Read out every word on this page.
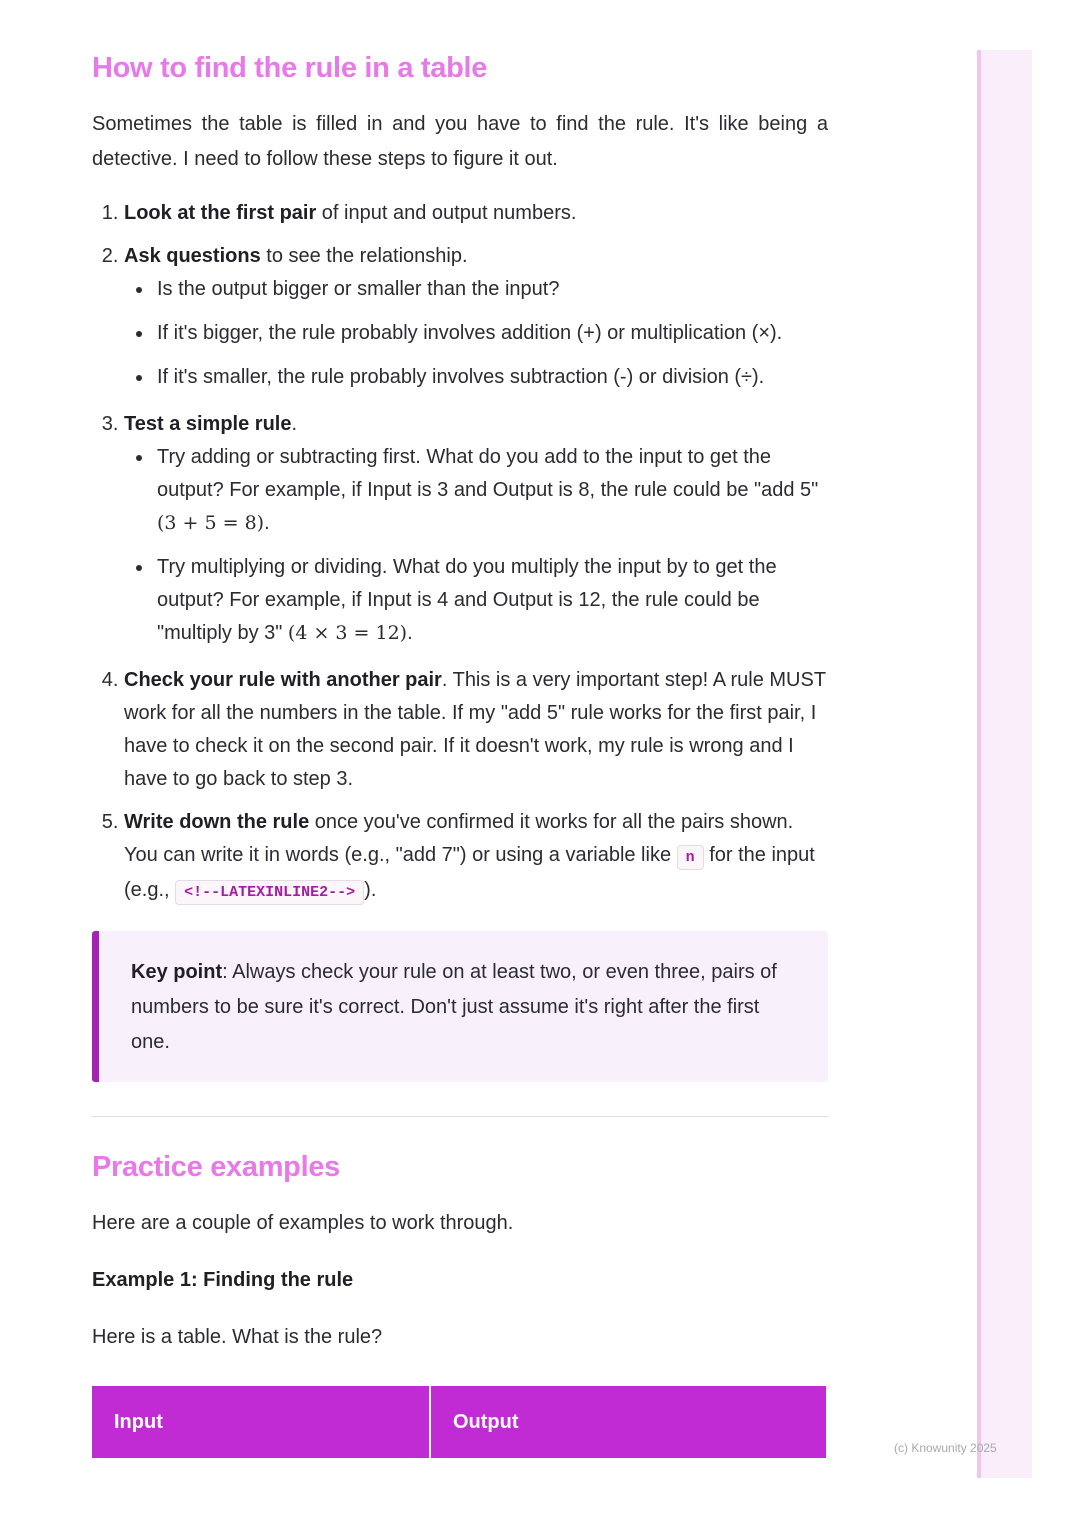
(c) Knowunity 2025
How to find the rule in a table

Sometimes the table is filled in and you have to find the rule. It's like being a detective. I need to follow these steps to figure it out.

1. Look at the first pair of input and output numbers.
2. Ask questions to see the relationship.
Is the output bigger or smaller than the input?
If it's bigger, the rule probably involves addition (+) or multiplication (×).
If it's smaller, the rule probably involves subtraction (-) or division (÷).
3. Test a simple rule.
Try adding or subtracting first. What do you add to the input to get the output? For example, if Input is 3 and Output is 8, the rule could be "add 5" (3 + 5 = 8).
Try multiplying or dividing. What do you multiply the input by to get the output? For example, if Input is 4 and Output is 12, the rule could be "multiply by 3" (4 × 3 = 12).
4. Check your rule with another pair. This is a very important step! A rule MUST work for all the numbers in the table. If my "add 5" rule works for the first pair, I have to check it on the second pair. If it doesn't work, my rule is wrong and I have to go back to step 3.
5. Write down the rule once you've confirmed it works for all the pairs shown. You can write it in words (e.g., "add 7") or using a variable like n for the input (e.g., <!--LATEXINLINE2--> ).
Key point: Always check your rule on at least two, or even three, pairs of numbers to be sure it's correct. Don't just assume it's right after the first one.
Practice examples

Here are a couple of examples to work through.

Example 1: Finding the rule

Here is a table. What is the rule?

Input	Output
